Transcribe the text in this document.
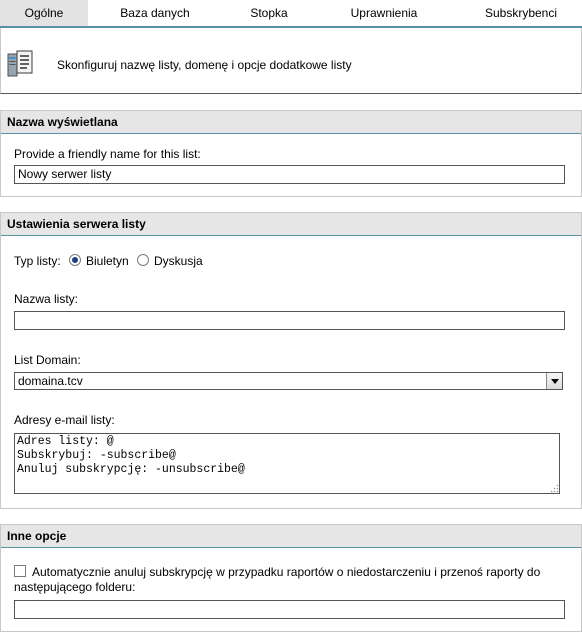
Ogólne	Baza danych	Stopka	Uprawnienia	Subskrybenci
Skonfiguruj nazwę listy, domenę i opcje dodatkowe listy
Nazwa wyświetlana
Provide a friendly name for this list:
Nowy serwer listy
Ustawienia serwera listy
Typ listy: Biuletyn Dyskusja
Nazwa listy:
List Domain:
domaina.tcv
Adresy e-mail listy:
Adres listy: @
Subskrybuj: -subscribe@
Anuluj subskrypcję: -unsubscribe@
Inne opcje
Automatycznie anuluj subskrypcję w przypadku raportów o niedostarczeniu i przenoś raporty do
następującego folderu:
